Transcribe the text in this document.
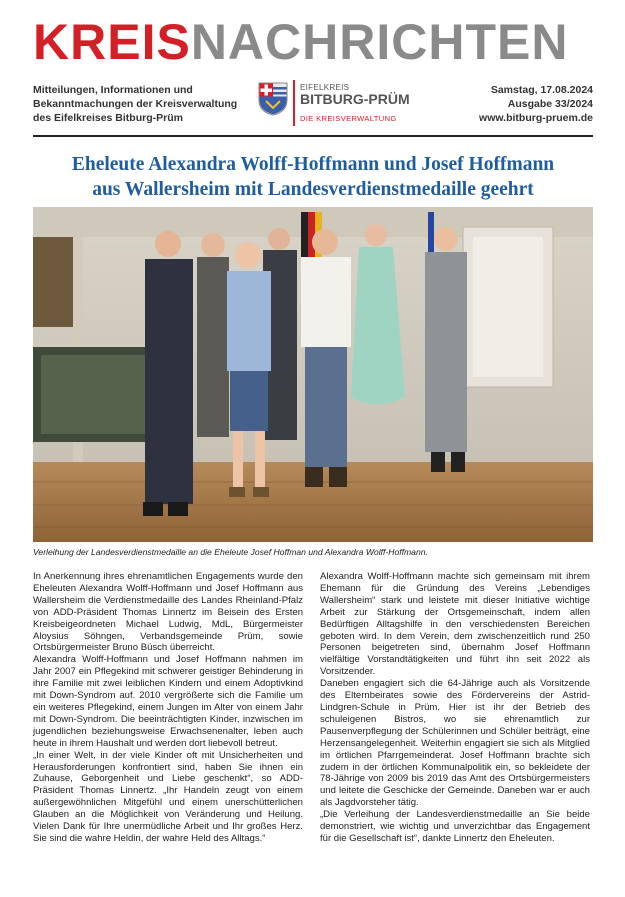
KREISNACHRICHTEN
Mitteilungen, Informationen und
Bekanntmachungen der Kreisverwaltung
des Eifelkreises Bitburg-Prüm
EIFELKREIS
BITBURG-PRÜM
DIE KREISVERWALTUNG
Samstag, 17.08.2024
Ausgabe 33/2024
www.bitburg-pruem.de
Eheleute Alexandra Wolff-Hoffmann und Josef Hoffmann
aus Wallersheim mit Landesverdienstmedaille geehrt
Verleihung der Landesverdienstmedaille an die Eheleute Josef Hoffman und Alexandra Wolff-Hoffmann.

In Anerkennung ihres ehrenamtlichen Engagements wurde den Eheleuten Alexandra Wolff-Hoffmann und Josef Hoffmann aus Wallersheim die Verdienstmedaille des Landes Rheinland-Pfalz von ADD-Präsident Thomas Linnertz im Beisein des Ersten Kreisbeigeordneten Michael Ludwig, MdL, Bürgermeister Aloysius Söhngen, Verbandsgemeinde Prüm, sowie Ortsbürgermeister Bruno Büsch überreicht.

Alexandra Wolff-Hoffmann und Josef Hoffmann nahmen im Jahr 2007 ein Pflegekind mit schwerer geistiger Behinderung in ihre Familie mit zwei leiblichen Kindern und einem Adoptivkind mit Down-Syndrom auf. 2010 vergrößerte sich die Familie um ein weiteres Pflegekind, einem Jungen im Alter von einem Jahr mit Down-Syndrom. Die beeinträchtigten Kinder, inzwischen im jugendlichen beziehungsweise Erwachsenenalter, leben auch heute in ihrem Haushalt und werden dort liebevoll betreut.

„In einer Welt, in der viele Kinder oft mit Unsicherheiten und Herausforderungen konfrontiert sind, haben Sie ihnen ein Zuhause, Geborgenheit und Liebe geschenkt“, so ADD-Präsident Thomas Linnertz. „Ihr Handeln zeugt von einem außergewöhnlichen Mitgefühl und einem unerschütterlichen Glauben an die Möglichkeit von Veränderung und Heilung. Vielen Dank für Ihre unermüdliche Arbeit und Ihr großes Herz. Sie sind die wahre Heldin, der wahre Held des Alltags.“

Alexandra Wolff-Hoffmann machte sich gemeinsam mit ihrem Ehemann für die Gründung des Vereins „Lebendiges Wallersheim“ stark und leistete mit dieser Initiative wichtige Arbeit zur Stärkung der Ortsgemeinschaft, indem allen Bedürftigen Alltagshilfe in den verschiedensten Bereichen geboten wird. In dem Verein, dem zwischenzeitlich rund 250 Personen beigetreten sind, übernahm Josef Hoffmann vielfältige Vorstandtätigkeiten und führt ihn seit 2022 als Vorsitzender.

Daneben engagiert sich die 64-Jährige auch als Vorsitzende des Elternbeirates sowie des Fördervereins der Astrid-Lindgren-Schule in Prüm. Hier ist ihr der Betrieb des schuleigenen Bistros, wo sie ehrenamtlich zur Pausenverpflegung der Schülerinnen und Schüler beiträgt, eine Herzensangelegenheit. Weiterhin engagiert sie sich als Mitglied im örtlichen Pfarrgemeinderat. Josef Hoffmann brachte sich zudem in der örtlichen Kommunalpolitik ein, so bekleidete der 78-Jährige von 2009 bis 2019 das Amt des Ortsbürgermeisters und leitete die Geschicke der Gemeinde. Daneben war er auch als Jagdvorsteher tätig.

„Die Verleihung der Landesverdienstmedaille an Sie beide demonstriert, wie wichtig und unverzichtbar das Engagement für die Gesellschaft ist“, dankte Linnertz den Eheleuten.
